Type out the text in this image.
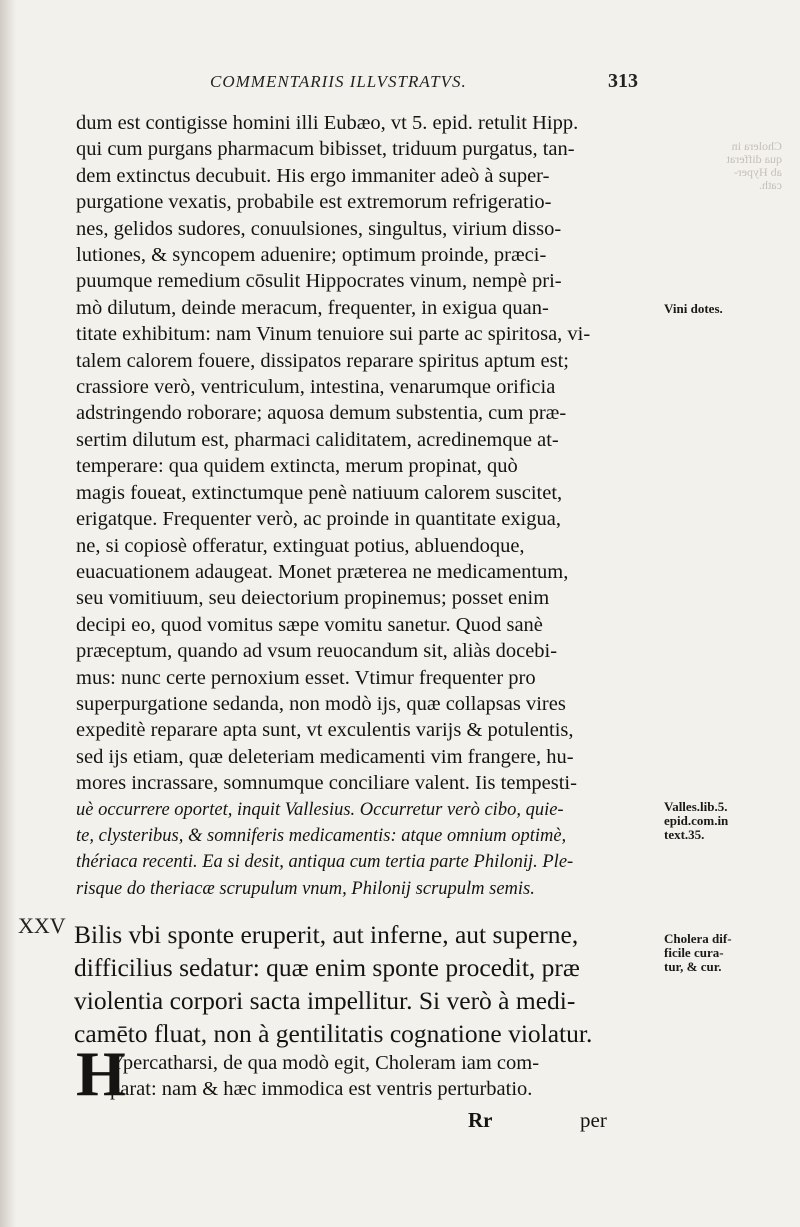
COMMENTARIIS ILLVSTRATVS.	313
Cholera in
qua differat
ab Hyper-
cath.
dum est contigisse homini illi Eubæo, vt 5. epid. retulit Hipp.
qui cum purgans pharmacum bibisset, triduum purgatus, tan-
dem extinctus decubuit. His ergo immaniter adeò à super-
purgatione vexatis, probabile est extremorum refrigeratio-
nes, gelidos sudores, conuulsiones, singultus, virium dissο-
lutiones, & syncopem aduenire; optimum proinde, præci-
puumque remedium cōsulit Hippocrates vinum, nempè pri-
mò dilutum, deinde meracum, frequenter, in exigua quan-
titate exhibitum: nam Vinum tenuiore sui parte ac spiritosa, vi-
talem calorem fouere, dissipatos reparare spiritus aptum est;
crassiore verò, ventriculum, intestina, venarumque orificia
adstringendo roborare; aquosa demum substentia, cum præ-
sertim dilutum est, pharmaci caliditatem, acredinemque at-
temperare: qua quidem extincta, merum propinat, quò
magis foueat, extinctumque penè natiuum calorem suscitet,
erigatque. Frequenter verò, ac proinde in quantitate exigua,
ne, si copiosè offeratur, extinguat potius, abluendoque,
euacuationem adaugeat. Monet præterea ne medicamentum,
seu vomitiuum, seu deiectorium propinemus; posset enim
decipi eo, quod vomitus sæpe vomitu sanetur. Quod sanè
præceptum, quando ad vsum reuocandum sit, aliàs docebi-
mus: nunc certe pernoxium esset. Vtimur frequenter pro
superpurgatione sedanda, non modò ijs, quæ collapsas vires
expeditè reparare apta sunt, vt exculentis varijs & potulentis,
sed ijs etiam, quæ deleteriam medicamenti vim frangere, hu-
mores incrassare, somnumque conciliare valent. Iis tempesti-
uè occurrere oportet, inquit Vallesius. Occurretur verò cibo, quie-
te, clysteribus, & somniferis medicamentis: atque omnium optimè,
thériaca recenti. Ea si desit, antiqua cum tertia parte Philonij. Ple-
risque do theriacæ scrupulum vnum, Philonij scrupulm semis.
Vini dotes.
Valles.lib.5.
epid.com.in
text.35.
XXV Bilis vbi sponte eruperit, aut inferne, aut superne,
difficilius sedatur: quæ enim sponte procedit, præ
violentia corpori sacta impellitur. Si verò à medi-
camēto fluat, non à gentilitatis cognatione violatur.
Cholera dif-
ficile cura-
tur, & cur.
H
Ypercatharsi, de qua modò egit, Choleram iam com-
parat: nam & hæc immodica est ventris perturbatio.
Rr	per
